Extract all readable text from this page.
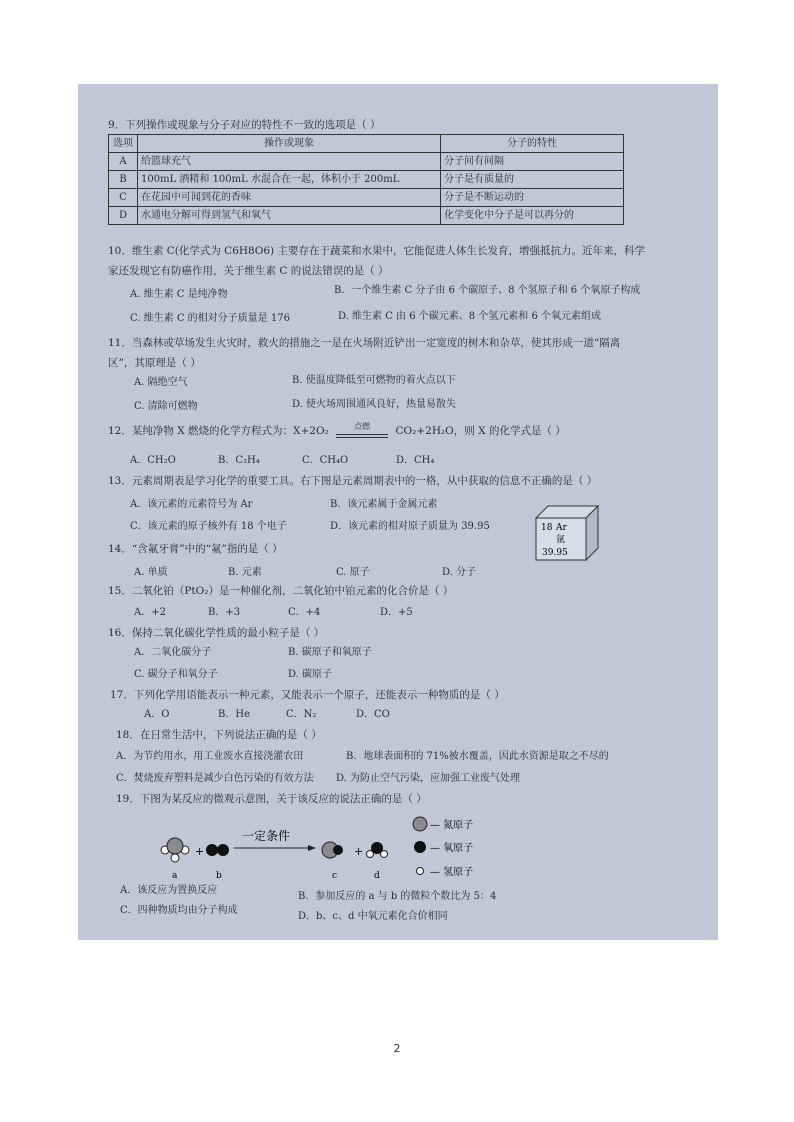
9．下列操作或现象与分子对应的特性不一致的选项是（ ）
选项	操作或现象	分子的特性
A	给篮球充气	分子间有间隔
B	100mL 酒精和 100mL 水混合在一起，体积小于 200mL	分子是有质量的
C	在花园中可闻到花的香味	分子是不断运动的
D	水通电分解可得到氢气和氧气	化学变化中分子是可以再分的
10．维生素 C(化学式为 C6H8O6) 主要存在于蔬菜和水果中，它能促进人体生长发育，增强抵抗力。近年来，科学
家还发现它有防癌作用，关于维生素 C 的说法错误的是（ ）
A. 维生素 C 是纯净物	B．一个维生素 C 分子由 6 个碳原子、8 个氢原子和 6 个氧原子构成
C. 维生素 C 的相对分子质量是 176	D. 维生素 C 由 6 个碳元素、8 个氢元素和 6 个氧元素组成
11．当森林或草场发生火灾时，救火的措施之一是在火场附近铲出一定宽度的树木和杂草，使其形成一道“隔离
区”，其原理是（ ）
A. 隔绝空气	B. 使温度降低至可燃物的着火点以下
C. 清除可燃物	D. 使火场周围通风良好，热量易散失
12．某纯净物 X 燃烧的化学方程式为：X+2O₂	点燃	CO₂+2H₂O，则 X 的化学式是（ ）
A．CH₂O	B．C₂H₄	C．CH₄O	D．CH₄
13．元素周期表是学习化学的重要工具。右下图是元素周期表中的一格，从中获取的信息不正确的是（ ）
A．该元素的元素符号为 Ar	B．该元素属于金属元素
C．该元素的原子核外有 18 个电子	D．该元素的相对原子质量为 39.95	18 Ar
氩
39.95
14．“含氟牙膏”中的“氟”指的是（ ）
A. 单质	B. 元素	C. 原子	D. 分子
15．二氧化铂（PtO₂）是一种催化剂，二氧化铂中铂元素的化合价是（ ）
A．+2	B．+3	C．+4	D．+5
16．保持二氧化碳化学性质的最小粒子是（ ）
A．二氧化碳分子	B. 碳原子和氧原子
C. 碳分子和氧分子	D. 碳原子
17．下列化学用语能表示一种元素，又能表示一个原子，还能表示一种物质的是（ ）
A．O	B．He	C．N₂	D．CO
18．在日常生活中，下列说法正确的是（ ）
A．为节约用水，用工业废水直接浇灌农田	B．地球表面积的 71%被水覆盖，因此水资源是取之不尽的
C．焚烧废弃塑料是减少白色污染的有效方法 D. 为防止空气污染，应加强工业废气处理
19．下图为某反应的微观示意图，关于该反应的说法正确的是（ ）
a
+
b
一定条件
c
+
d
— 氮原子
— 氧原子
— 氢原子
A．该反应为置换反应
B．参加反应的 a 与 b 的微粒个数比为 5：4
C．四种物质均由分子构成
D．b、c、d 中氧元素化合价相同
2
